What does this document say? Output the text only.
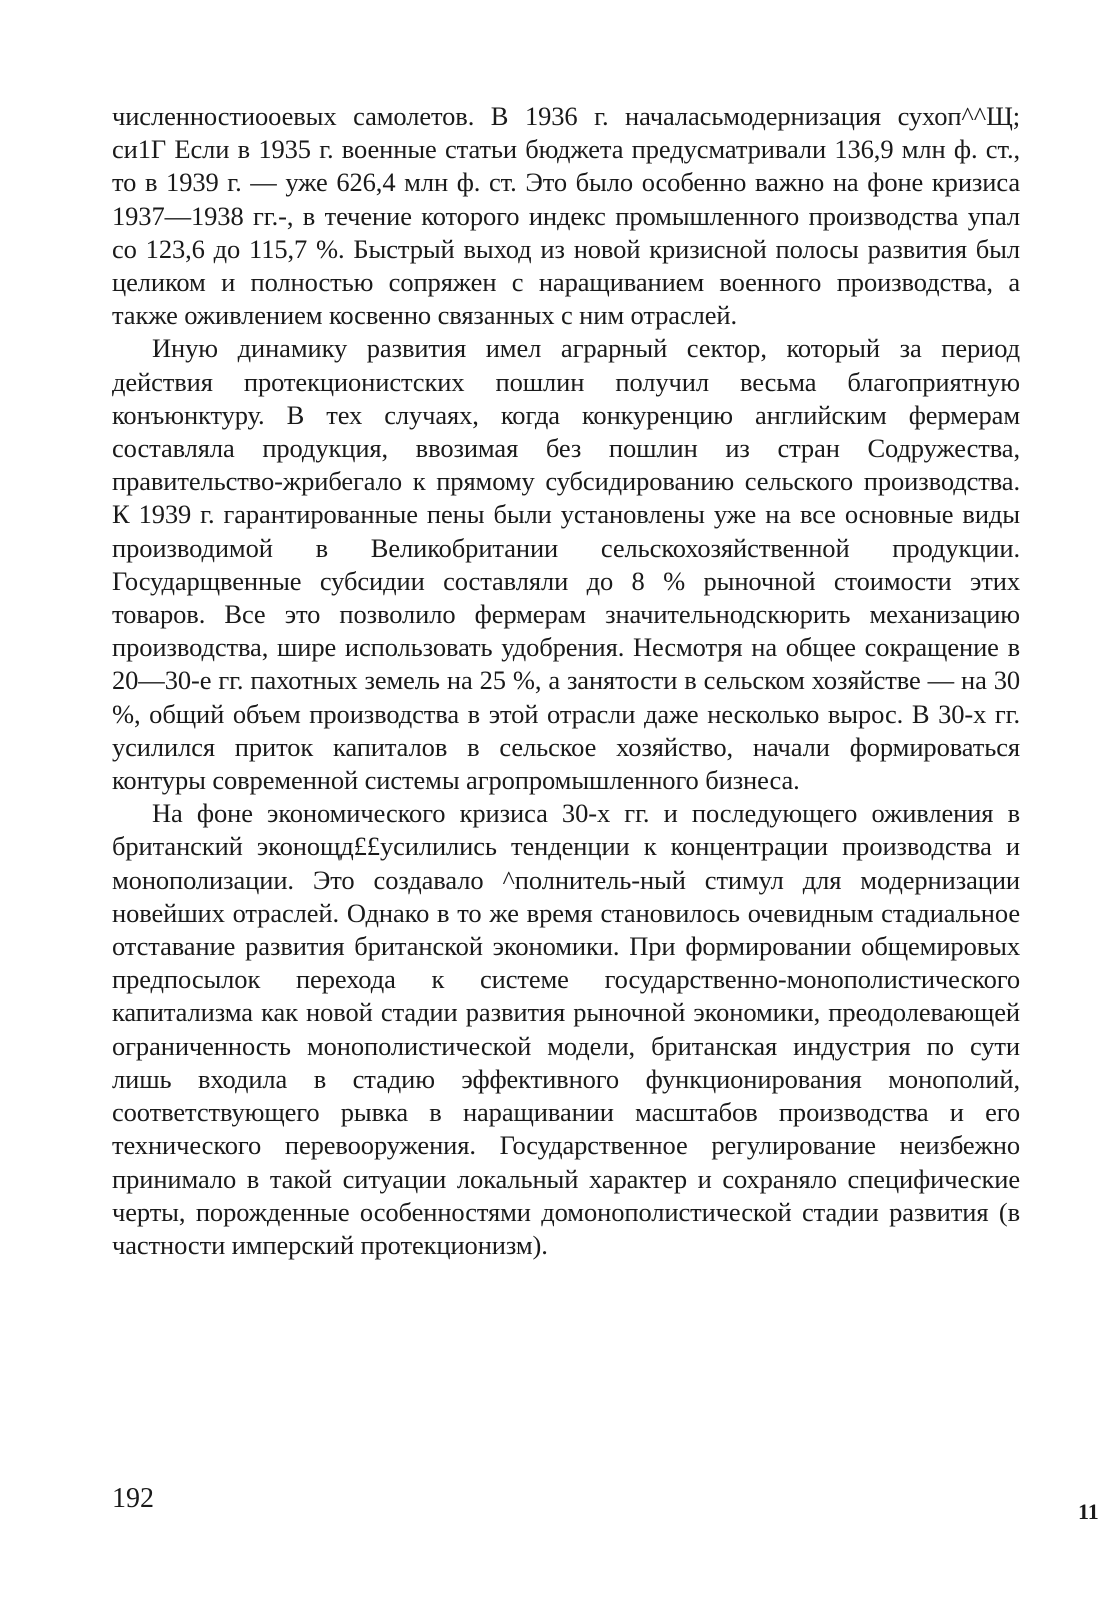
численностиооевых самолетов. В 1936 г. началасьмодернизация сухоп^^Щ; си1Г Если в 1935 г. военные статьи бюджета предусматривали 136,9 млн ф. ст., то в 1939 г. — уже 626,4 млн ф. ст. Это было особенно важно на фоне кризиса 1937—1938 гг.-, в течение которого индекс промышленного производства упал со 123,6 до 115,7 %. Быстрый выход из новой кризисной полосы развития был целиком и полностью сопряжен с наращиванием военного производства, а также оживлением косвенно связанных с ним отраслей.

Иную динамику развития имел аграрный сектор, который за период действия протекционистских пошлин получил весьма благоприятную конъюнктуру. В тех случаях, когда конкуренцию английским фермерам составляла продукция, ввозимая без пошлин из стран Содружества, правительство-жрибегало к прямому субсидированию сельского производства. К 1939 г. гарантированные пены были установлены уже на все основные виды производимой в Великобритании сельскохозяйственной продукции. Государщвенные субсидии составляли до 8 % рыночной стоимости этих товаров. Все это позволило фермерам значительнодскюрить механизацию производства, шире использовать удобрения. Несмотря на общее сокращение в 20—30-е гг. пахотных земель на 25 %, а занятости в сельском хозяйстве — на 30 %, общий объем производства в этой отрасли даже несколько вырос. В 30-х гг. усилился приток капиталов в сельское хозяйство, начали формироваться контуры современной системы агропромышленного бизнеса.

На фоне экономического кризиса 30-х гг. и последующего оживления в британский эконощд££усилились тенденции к концентрации производства и монополизации. Это создавало ^полнитель-ный стимул для модернизации новейших отраслей. Однако в то же время становилось очевидным стадиальное отставание развития британской экономики. При формировании общемировых предпосылок перехода к системе государственно-монополистического капитализма как новой стадии развития рыночной экономики, преодолевающей ограниченность монополистической модели, британская индустрия по сути лишь входила в стадию эффективного функционирования монополий, соответствующего рывка в наращивании масштабов производства и его технического перевооружения. Государственное регулирование неизбежно принимало в такой ситуации локальный характер и сохраняло специфические черты, порожденные особенностями домонополистической стадии развития (в частности имперский протекционизм).

192	11
